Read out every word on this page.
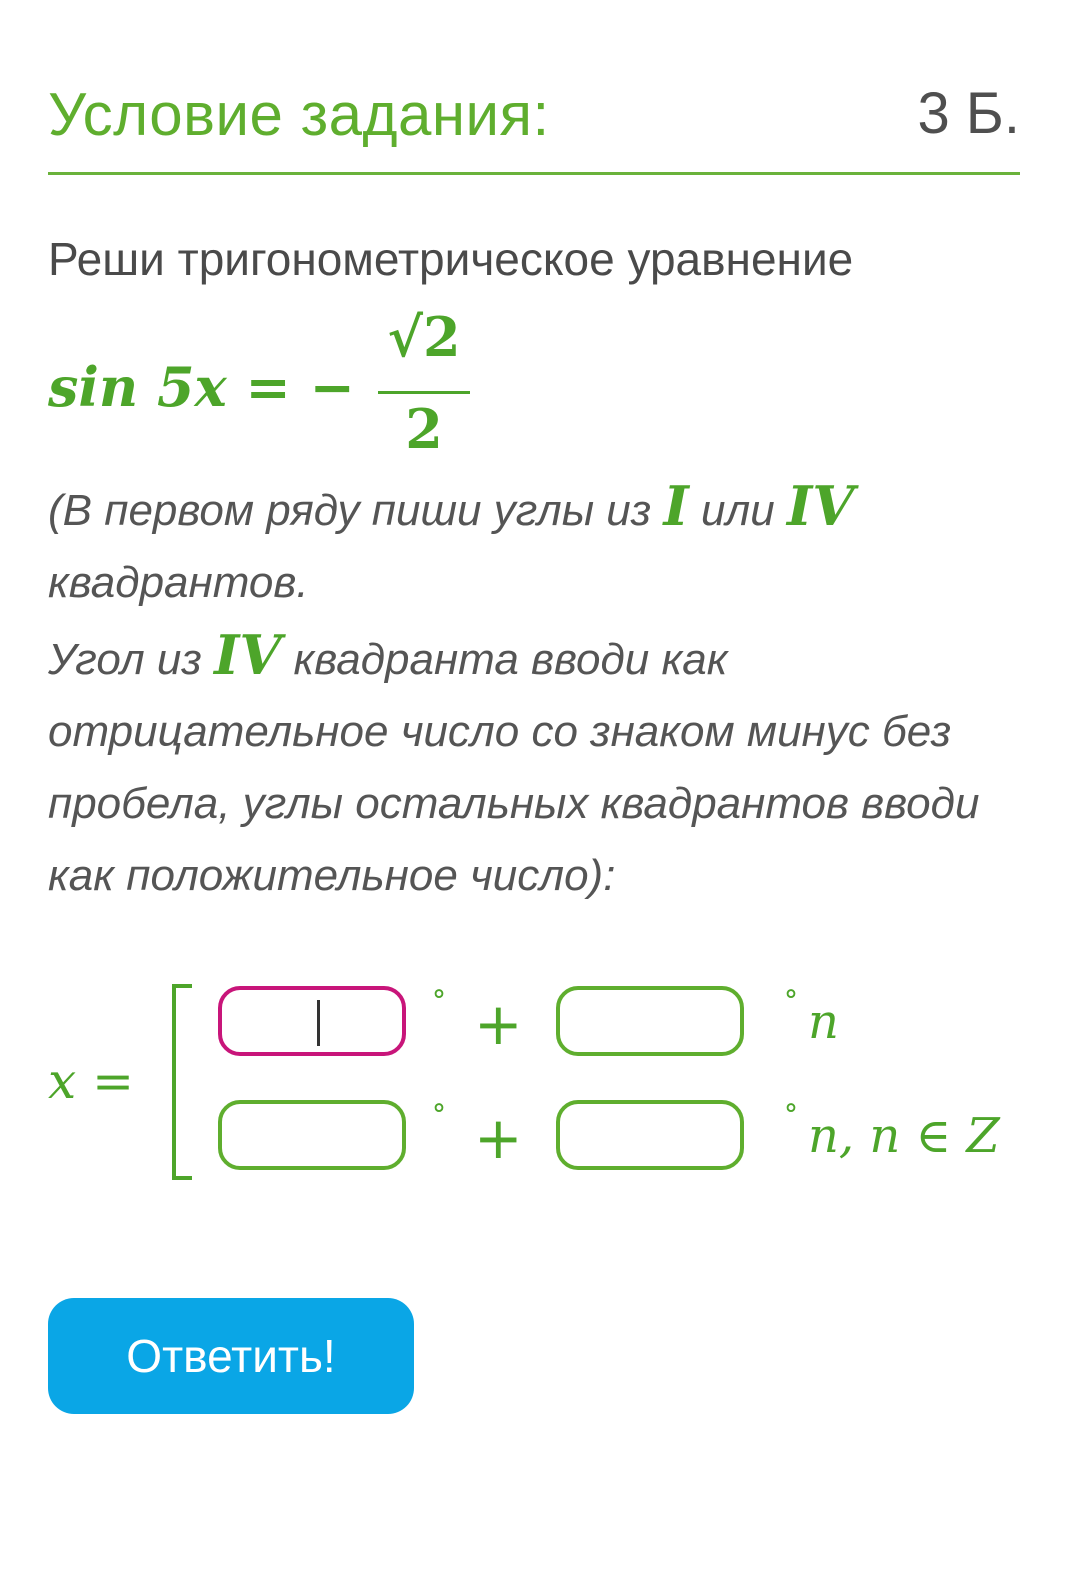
Условие задания:	3 Б.
Реши тригонометрическое уравнение
sin 5x = −
√2
2
(В первом ряду пиши углы из I или IV квадрантов.
Угол из IV квадранта вводи как отрицательное число со знаком минус без пробела, углы остальных квадрантов вводи как положительное число):
x =
° +	° n
° +	° n, n ∈ Z
Ответить!
